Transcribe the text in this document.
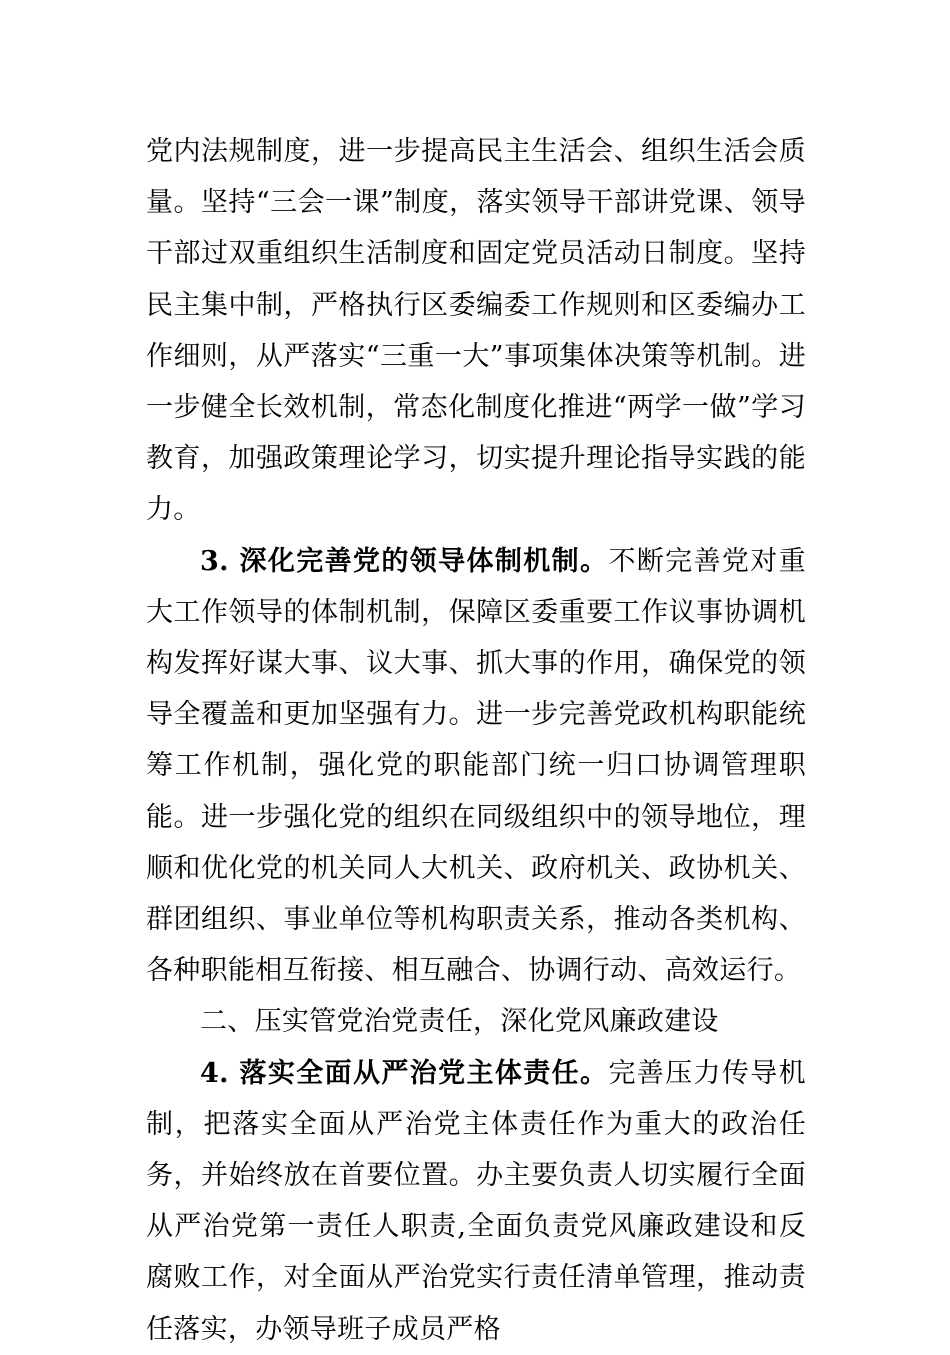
党内法规制度，进一步提高民主生活会、组织生活会质量。坚持“三会一课”制度，落实领导干部讲党课、领导干部过双重组织生活制度和固定党员活动日制度。坚持民主集中制，严格执行区委编委工作规则和区委编办工作细则，从严落实“三重一大”事项集体决策等机制。进一步健全长效机制，常态化制度化推进“两学一做”学习教育，加强政策理论学习，切实提升理论指导实践的能力。

3. 深化完善党的领导体制机制。不断完善党对重大工作领导的体制机制，保障区委重要工作议事协调机构发挥好谋大事、议大事、抓大事的作用，确保党的领导全覆盖和更加坚强有力。进一步完善党政机构职能统筹工作机制，强化党的职能部门统一归口协调管理职能。进一步强化党的组织在同级组织中的领导地位，理顺和优化党的机关同人大机关、政府机关、政协机关、群团组织、事业单位等机构职责关系，推动各类机构、各种职能相互衔接、相互融合、协调行动、高效运行。

二、压实管党治党责任，深化党风廉政建设

4. 落实全面从严治党主体责任。完善压力传导机制，把落实全面从严治党主体责任作为重大的政治任务，并始终放在首要位置。办主要负责人切实履行全面从严治党第一责任人职责,全面负责党风廉政建设和反腐败工作，对全面从严治党实行责任清单管理，推动责任落实，办领导班子成员严格
